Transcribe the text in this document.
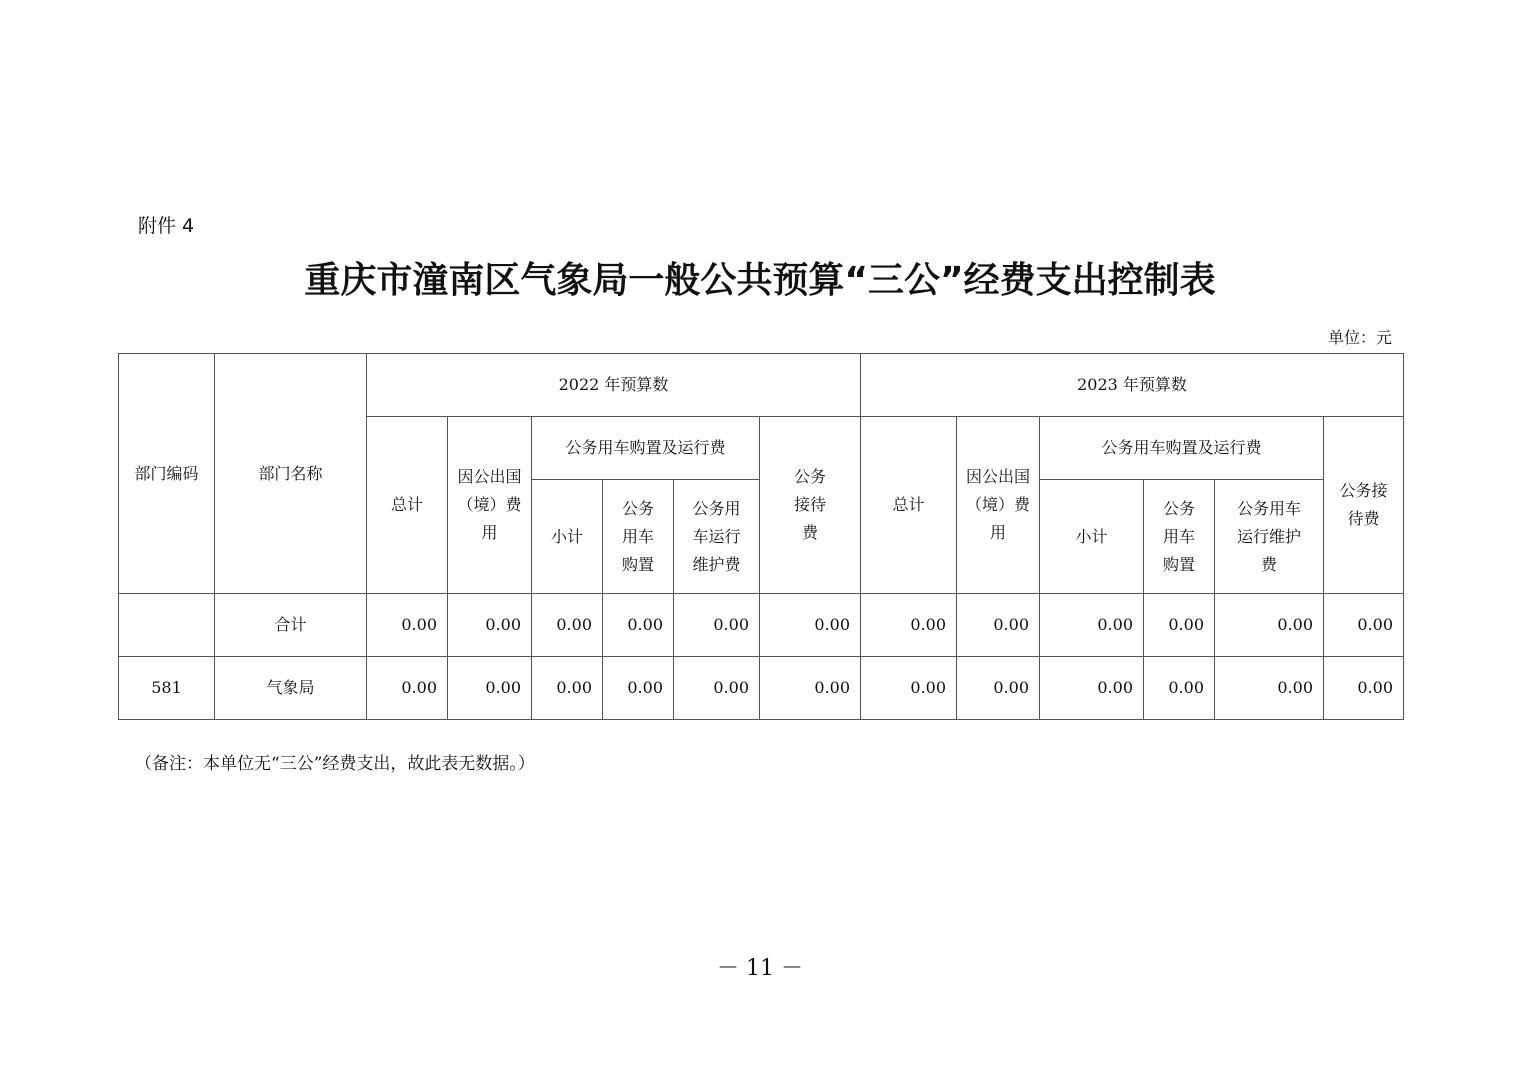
附件 4
重庆市潼南区气象局一般公共预算“三公”经费支出控制表
单位：元
部门编码	部门名称	2022 年预算数						2023 年预算数					
		总计	因公出国（境）费用	公务用车购置及运行费			公务接待费	总计	因公出国（境）费用	公务用车购置及运行费			公务接待费
				小计	公务用车购置	公务用车运行维护费				小计	公务用车购置	公务用车运行维护费	
	合计	0.00	0.00	0.00	0.00	0.00	0.00	0.00	0.00	0.00	0.00	0.00	0.00
581	气象局	0.00	0.00	0.00	0.00	0.00	0.00	0.00	0.00	0.00	0.00	0.00	0.00
（备注：本单位无“三公”经费支出，故此表无数据。）
－ 11 －
